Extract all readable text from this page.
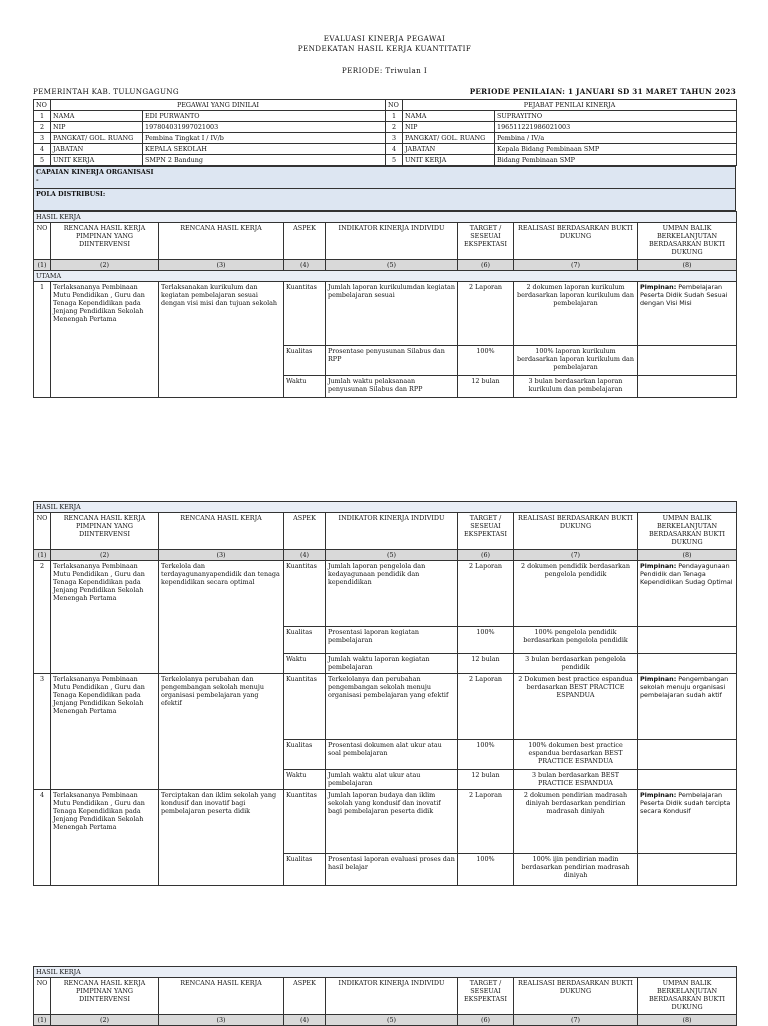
EVALUASI KINERJA PEGAWAI
PENDEKATAN HASIL KERJA KUANTITATIF
PERIODE: Triwulan I
PEMERINTAH KAB. TULUNGAGUNG	PERIODE PENILAIAN: 1 JANUARI SD 31 MARET TAHUN 2023
NO	PEGAWAI YANG DINILAI		NO	PEJABAT PENILAI KINERJA	
1	NAMA	EDI PURWANTO	1	NAMA	SUPRAYITNO
2	NIP	197804031997021003	2	NIP	196511221986021003
3	PANGKAT/ GOL. RUANG	Pembina Tingkat I / IV/b	3	PANGKAT/ GOL. RUANG	Pembina / IV/a
4	JABATAN	KEPALA SEKOLAH	4	JABATAN	Kepala Bidang Pembinaan SMP
5	UNIT KERJA	SMPN 2 Bandung	5	UNIT KERJA	Bidang Pembinaan SMP
CAPAIAN KINERJA ORGANISASI
-

POLA DISTRIBUSI:
HASIL KERJA							
NO	RENCANA HASIL KERJA PIMPINAN YANG DIINTERVENSI	RENCANA HASIL KERJA	ASPEK	INDIKATOR KINERJA INDIVIDU	TARGET / SESEUAI EKSPEKTASI	REALISASI BERDASARKAN BUKTI DUKUNG	UMPAN BALIK BERKELANJUTAN BERDASARKAN BUKTI DUKUNG
(1)	(2)	(3)	(4)	(5)	(6)	(7)	(8)
UTAMA							
1	Terlaksananya Pembinaan Mutu Pendidikan , Guru dan Tenaga Kependidikan pada Jenjang Pendidikan Sekolah Menengah Pertama	Terlaksanakan kurikulum dan kegiatan pembelajaran sesuai dengan visi misi dan tujuan sekolah	Kuantitas	Jumlah laporan kurikulumdan kegiatan pembelajaran sesuai	2 Laporan	2 dokumen laporan kurikulum berdasarkan laporan kurikulum dan pembelajaran	Pimpinan: Pembelajaran Peserta Didik Sudah Sesuai dengan Visi Misi
			Kualitas	Prosentase penyusunan Silabus dan RPP	100%	100% laporan kurikulum berdasarkan laporan kurikulum dan pembelajaran	
			Waktu	Jumlah waktu pelaksanaan penyusunan Silabus dan RPP	12 bulan	3 bulan berdasarkan laporan kurikulum dan pembelajaran	
HASIL KERJA							
NO	RENCANA HASIL KERJA PIMPINAN YANG DIINTERVENSI	RENCANA HASIL KERJA	ASPEK	INDIKATOR KINERJA INDIVIDU	TARGET / SESEUAI EKSPEKTASI	REALISASI BERDASARKAN BUKTI DUKUNG	UMPAN BALIK BERKELANJUTAN BERDASARKAN BUKTI DUKUNG
(1)	(2)	(3)	(4)	(5)	(6)	(7)	(8)
2	Terlaksananya Pembinaan Mutu Pendidikan , Guru dan Tenaga Kependidikan pada Jenjang Pendidikan Sekolah Menengah Pertama	Terkelola dan terdayagunanyapendidik dan tenaga kependidikan secara optimal	Kuantitas	Jumlah laporan pengelola dan kedayagunaan pendidik dan kependidikan	2 Laporan	2 dokumen pendidik berdasarkan pengelola pendidik	Pimpinan: Pendayagunaan Pendidik dan Tenaga Kependidikan Sudag Optimal
			Kualitas	Prosentasi laporan kegiatan pembelajaran	100%	100% pengelola pendidik berdasarkan pengelola pendidik	
			Waktu	Jumlah waktu laporan kegiatan pembelajaran	12 bulan	3 bulan berdasarkan pengelola pendidik	
3	Terlaksananya Pembinaan Mutu Pendidikan , Guru dan Tenaga Kependidikan pada Jenjang Pendidikan Sekolah Menengah Pertama	Terkelolanya perubahan dan pengembangan sekolah menuju organisasi pembelajaran yang efektif	Kuantitas	Terkelolanya dan perubahan pengembangan sekolah menuju organisasi pembelajaran yang efektif	2 Laporan	2 Dokumen best practice espandua berdasarkan BEST PRACTICE ESPANDUA	Pimpinan: Pengembangan sekolah menuju organisasi pembelajaran sudah aktif
			Kualitas	Prosentasi dokumen alat ukur atau soal pembelajaran	100%	100% dokumen best practice espandua berdasarkan BEST PRACTICE ESPANDUA	
			Waktu	Jumlah waktu alat ukur atau pembelajaran	12 bulan	3 bulan berdasarkan BEST PRACTICE ESPANDUA	
4	Terlaksananya Pembinaan Mutu Pendidikan , Guru dan Tenaga Kependidikan pada Jenjang Pendidikan Sekolah Menengah Pertama	Terciptakan dan iklim sekolah yang kondusif dan inovatif bagi pembelajaran peserta didik	Kuantitas	Jumlah laporan budaya dan iklim sekolah yang kondusif dan inovatif bagi pembelajaran peserta didik	2 Laporan	2 dokumen pendirian madrasah diniyah berdasarkan pendirian madrasah diniyah	Pimpinan: Pembelajaran Peserta Didik sudah tercipta secara Kondusif
			Kualitas	Prosentasi laporan evaluasi proses dan hasil belajar	100%	100% ijin pendirian madin berdasarkan pendirian madrasah diniyah	
HASIL KERJA							
NO	RENCANA HASIL KERJA PIMPINAN YANG DIINTERVENSI	RENCANA HASIL KERJA	ASPEK	INDIKATOR KINERJA INDIVIDU	TARGET / SESEUAI EKSPEKTASI	REALISASI BERDASARKAN BUKTI DUKUNG	UMPAN BALIK BERKELANJUTAN BERDASARKAN BUKTI DUKUNG
(1)	(2)	(3)	(4)	(5)	(6)	(7)	(8)
